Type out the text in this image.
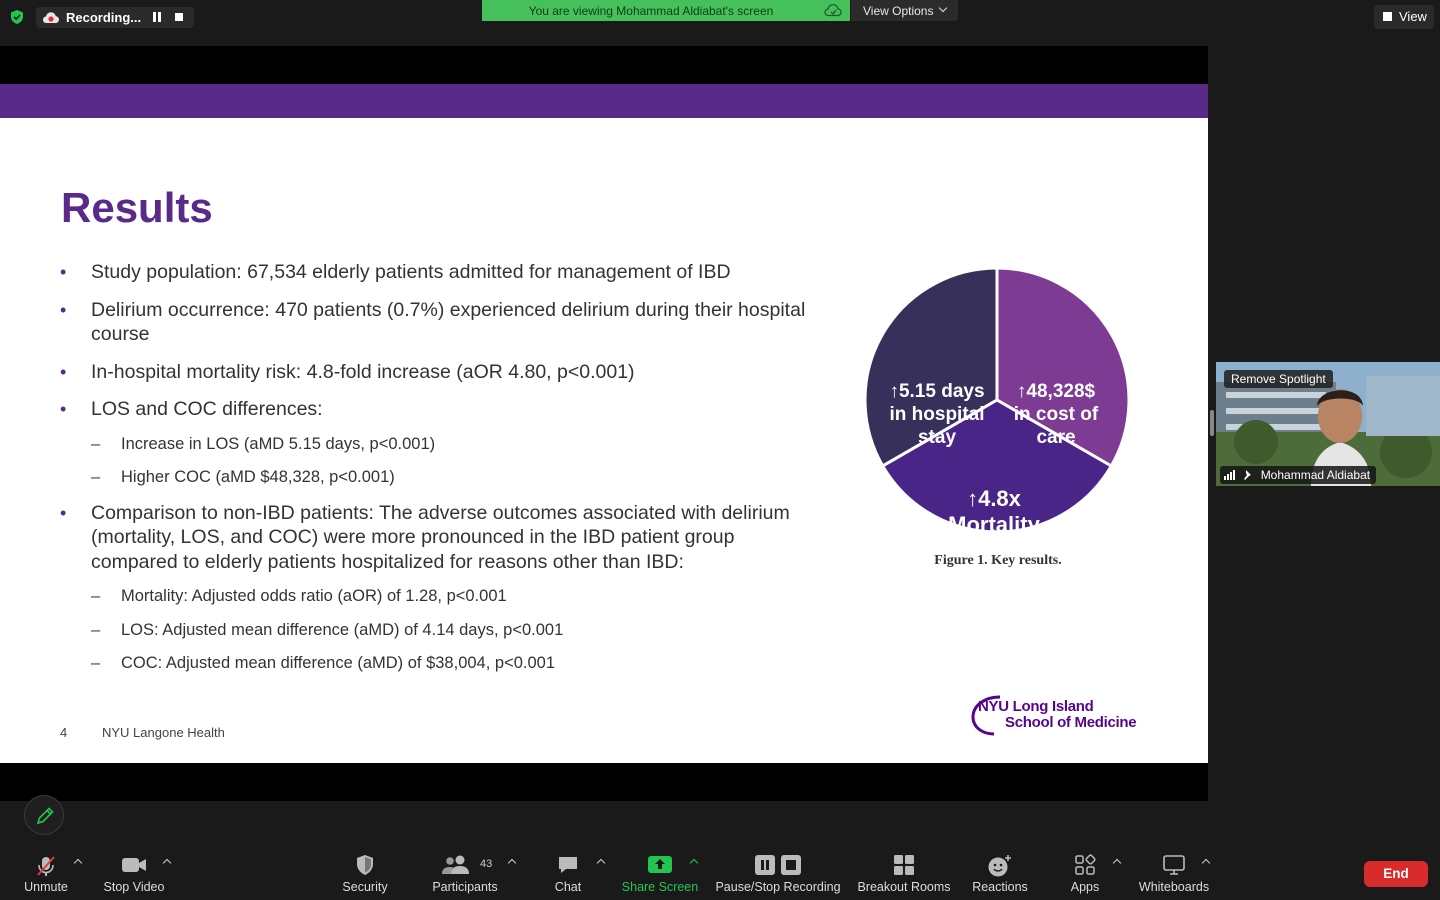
Recording...	You are viewing Mohammad Aldiabat's screen	View Options	View
Results
• Study population: 67,534 elderly patients admitted for management of IBD
• Delirium occurrence: 470 patients (0.7%) experienced delirium during their hospital course
• In-hospital mortality risk: 4.8-fold increase (aOR 4.80, p<0.001)
• LOS and COC differences:
– Increase in LOS (aMD 5.15 days, p<0.001)
– Higher COC (aMD $48,328, p<0.001)
• Comparison to non-IBD patients: The adverse outcomes associated with delirium (mortality, LOS, and COC) were more pronounced in the IBD patient group compared to elderly patients hospitalized for reasons other than IBD:
– Mortality: Adjusted odds ratio (aOR) of 1.28, p<0.001
– LOS: Adjusted mean difference (aMD) of 4.14 days, p<0.001
– COC: Adjusted mean difference (aMD) of $38,004, p<0.001
↑5.15 days
in hospital
stay
↑48,328$
in cost of
care
↑4.8x
Mortality
Figure 1. Key results.
4	NYU Langone Health
NYU Long Island
School of Medicine
Remove Spotlight
Mohammad Aldiabat
Unmute	Stop Video	Security
43
Participants	Chat	Share Screen	Pause/Stop Recording Breakout Rooms	Reactions	Apps	Whiteboards
End
